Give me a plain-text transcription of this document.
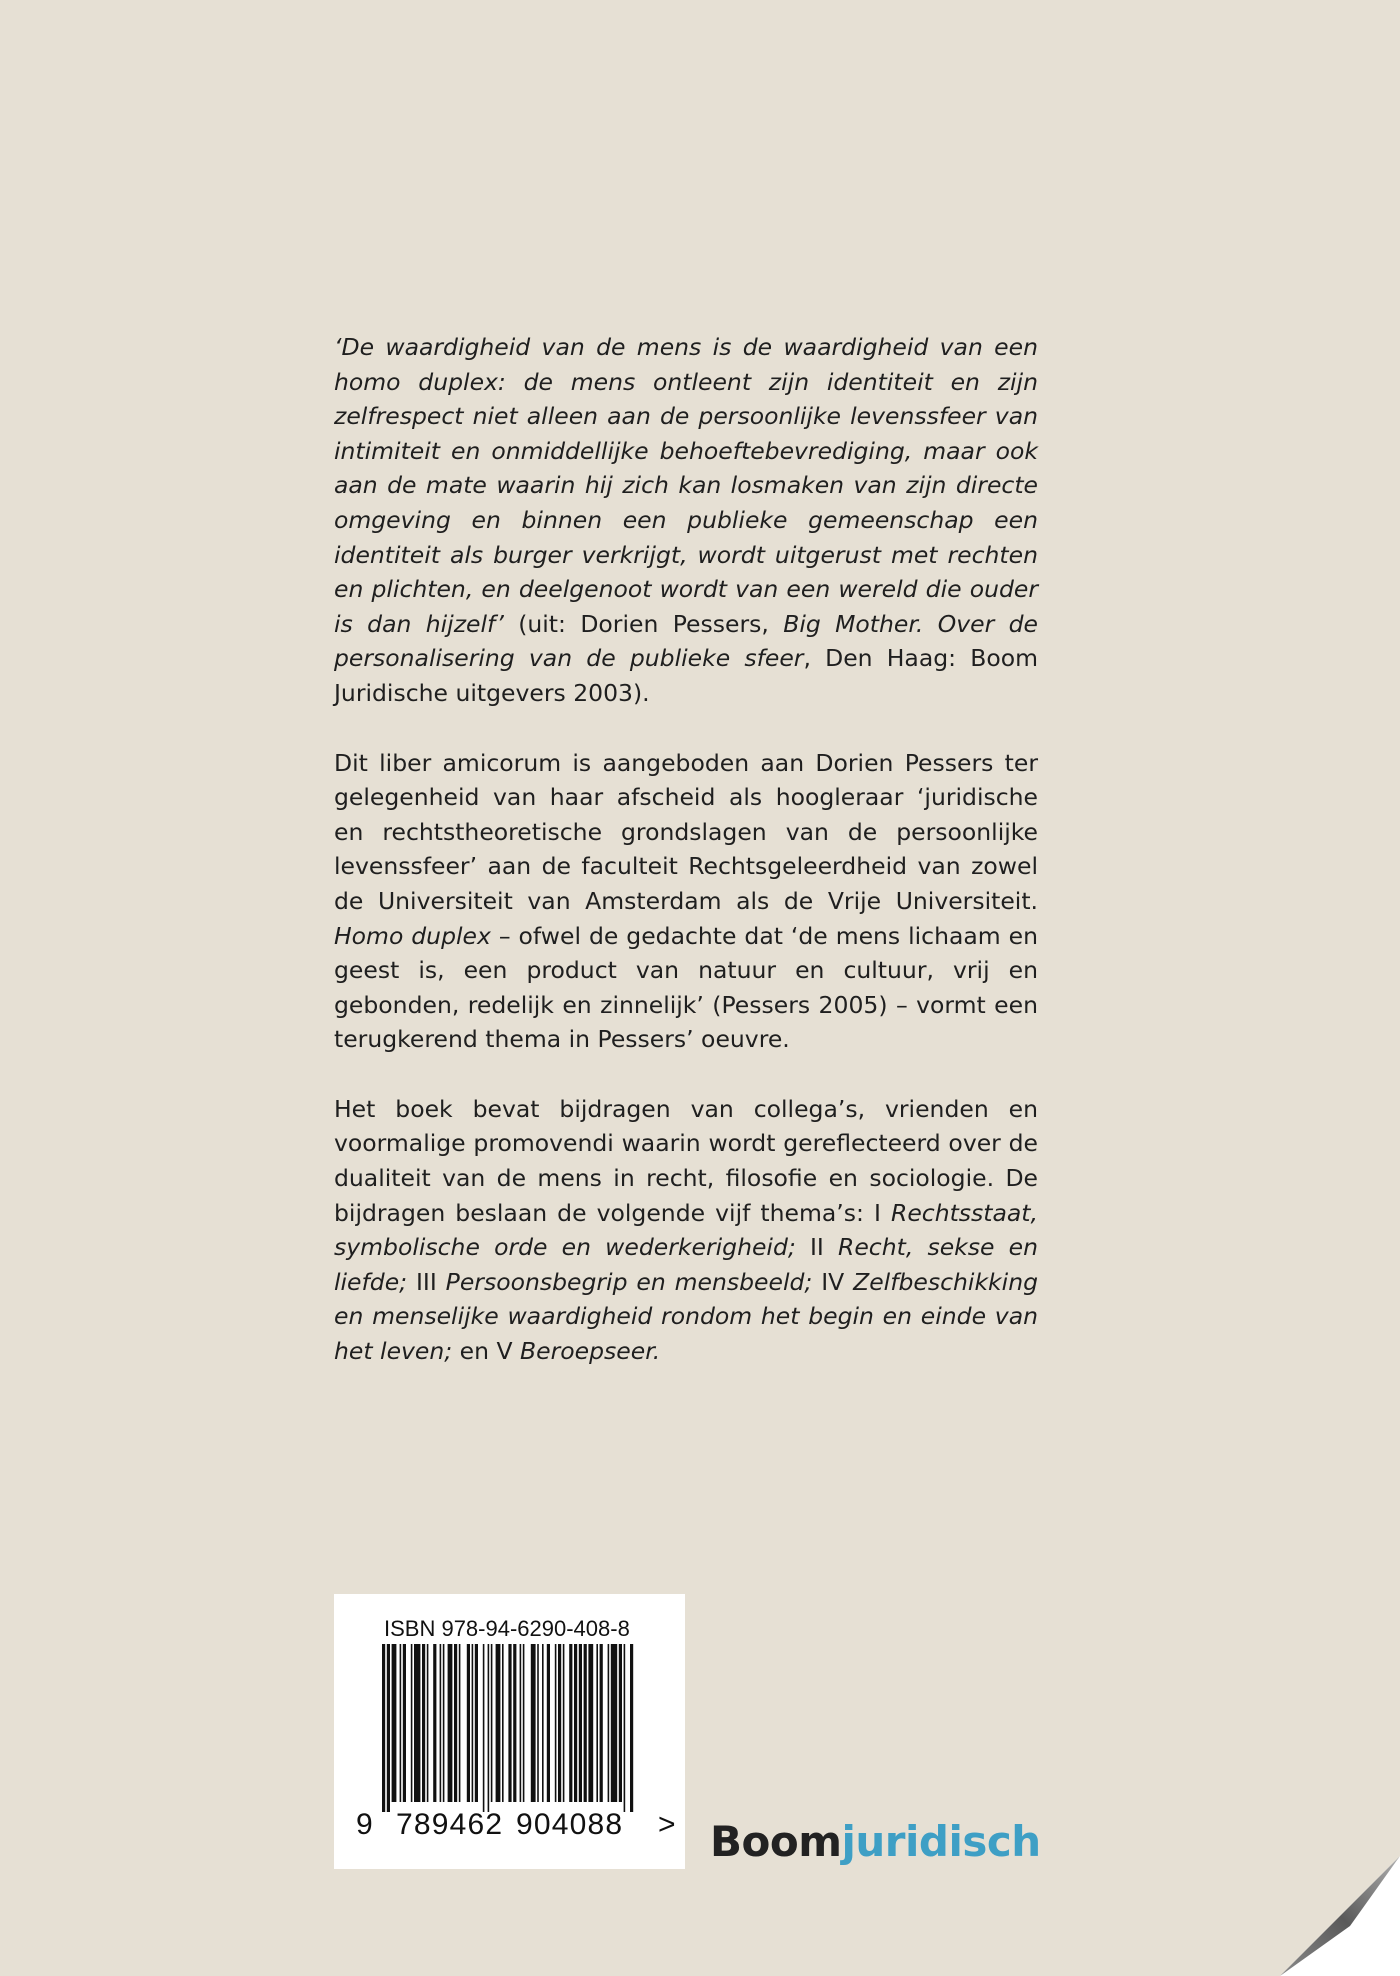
‘De waardigheid van de mens is de waardigheid van een homo duplex: de mens ontleent zijn identiteit en zijn zelfrespect niet alleen aan de persoonlijke levenssfeer van intimiteit en onmiddellijke behoeftebevrediging, maar ook aan de mate waarin hij zich kan losmaken van zijn directe omgeving en binnen een publieke gemeenschap een identiteit als burger verkrijgt, wordt uitgerust met rechten en plichten, en deelgenoot wordt van een wereld die ouder is dan hijzelf’ (uit: Dorien Pessers, Big Mother. Over de personalisering van de publieke sfeer, Den Haag: Boom Juridische uitgevers 2003).

Dit liber amicorum is aangeboden aan Dorien Pessers ter gelegenheid van haar afscheid als hoogleraar ‘juridische en rechtstheoretische grondslagen van de persoonlijke levenssfeer’ aan de faculteit Rechtsgeleerdheid van zowel de Universiteit van Amsterdam als de Vrije Universiteit. Homo duplex – ofwel de gedachte dat ‘de mens lichaam en geest is, een product van natuur en cultuur, vrij en gebonden, redelijk en zinnelijk’ (Pessers 2005) – vormt een terugkerend thema in Pessers’ oeuvre.

Het boek bevat bijdragen van collega’s, vrienden en voormalige promovendi waarin wordt gereflecteerd over de dualiteit van de mens in recht, filosofie en sociologie. De bijdragen beslaan de volgende vijf thema’s: I Rechtsstaat, symbolische orde en wederkerigheid; II Recht, sekse en liefde; III Persoonsbegrip en mensbeeld; IV Zelfbeschikking en menselijke waardigheid rondom het begin en einde van het leven; en V Beroepseer.

ISBN 978-94-6290-408-8
9 789462 904088 > Boomjuridisch
